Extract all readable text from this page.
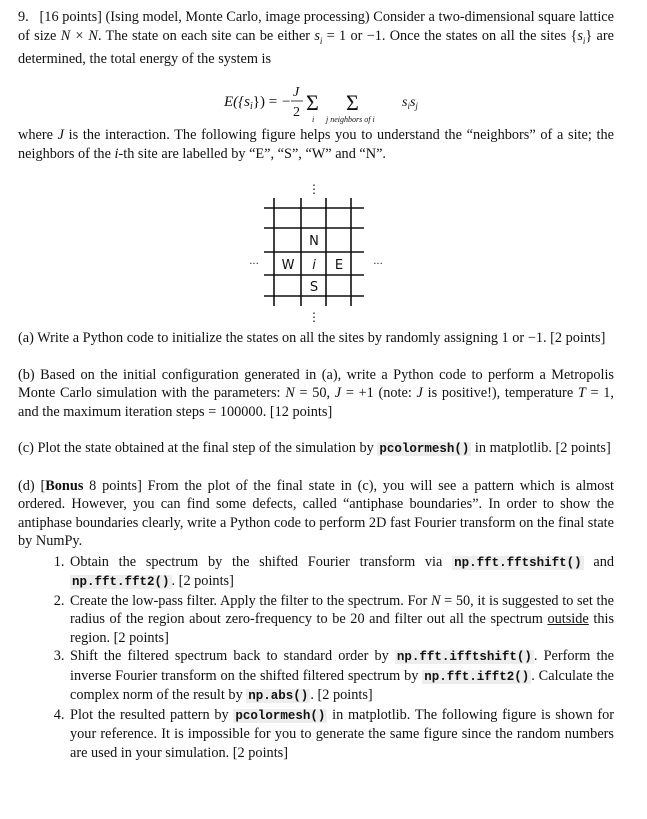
9. [16 points] (Ising model, Monte Carlo, image processing) Consider a two-dimensional square lattice of size N × N. The state on each site can be either $s_i = 1$ or −1. Once the states on all the sites $\{s_i\}$ are determined, the total energy of the system is

$E(\{s_i\})$ = −
J
2 Σ
i
Σ
j neighbors of i
$s_is_j$

where J is the interaction. The following figure helps you to understand the “neighbors” of a site; the neighbors of the i-th site are labelled by “E”, “S”, “W” and “N”.

N
W i E
S
⋮
⋮
···	···

(a) Write a Python code to initialize the states on all the sites by randomly assigning 1 or −1. [2 points]

(b) Based on the initial configuration generated in (a), write a Python code to perform a Metropolis Monte Carlo simulation with the parameters: N = 50, J = +1 (note: J is positive!), temperature T = 1, and the maximum iteration steps = 100000. [12 points]

(c) Plot the state obtained at the final step of the simulation by pcolormesh() in matplotlib. [2 points]

(d) [Bonus 8 points] From the plot of the final state in (c), you will see a pattern which is almost ordered. However, you can find some defects, called “antiphase boundaries”. In order to show the antiphase boundaries clearly, write a Python code to perform 2D fast Fourier transform on the final state by NumPy.

1. Obtain the spectrum by the shifted Fourier transform via np.fft.fftshift() and np.fft.fft2() . [2 points]
2. Create the low-pass filter. Apply the filter to the spectrum. For N = 50, it is suggested to set the radius of the region about zero-frequency to be 20 and filter out all the spectrum outside this region. [2 points]
3. Shift the filtered spectrum back to standard order by np.fft.ifftshift() . Perform the inverse Fourier transform on the shifted filtered spectrum by np.fft.ifft2() . Calculate the complex norm of the result by np.abs() . [2 points]
4. Plot the resulted pattern by pcolormesh() in matplotlib. The following figure is shown for your reference. It is impossible for you to generate the same figure since the random numbers are used in your simulation. [2 points]
